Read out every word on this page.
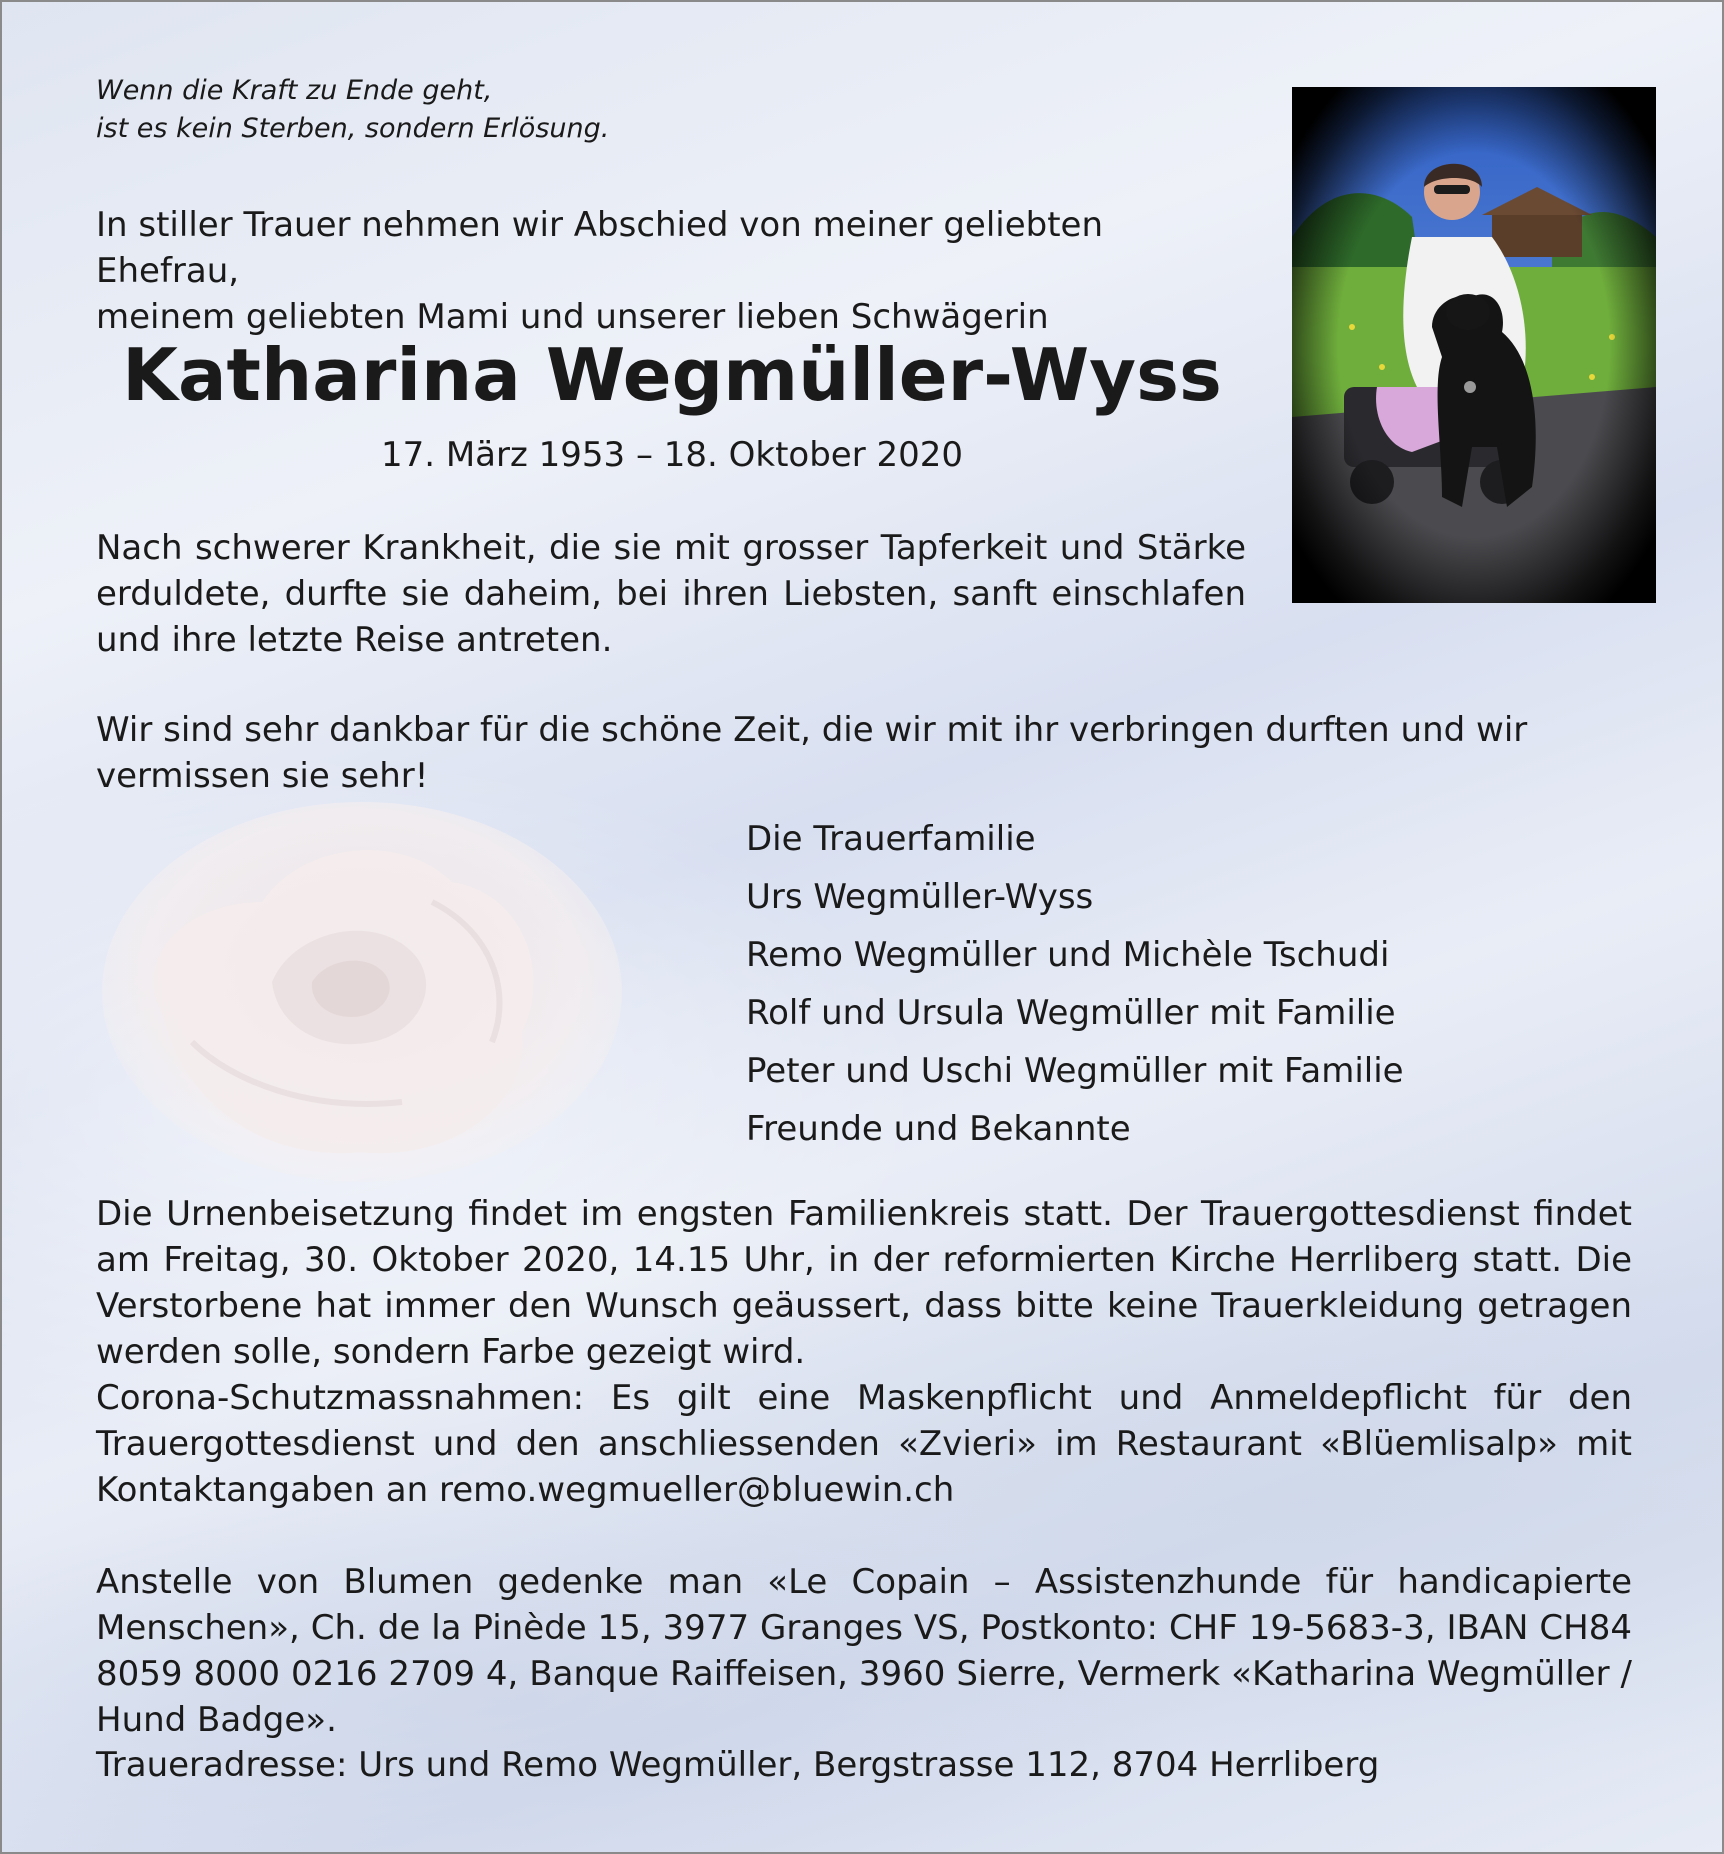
Wenn die Kraft zu Ende geht,
ist es kein Sterben, sondern Erlösung.

In stiller Trauer nehmen wir Abschied von meiner geliebten Ehefrau,
meinem geliebten Mami und unserer lieben Schwägerin

Katharina Wegmüller-Wyss

17. März 1953 – 18. Oktober 2020

Nach schwerer Krankheit, die sie mit grosser Tapferkeit und Stärke erduldete, durfte sie daheim, bei ihren Liebsten, sanft einschlafen und ihre letzte Reise antreten.

Wir sind sehr dankbar für die schöne Zeit, die wir mit ihr verbringen durften und wir vermissen sie sehr!

Die Trauerfamilie
Urs Wegmüller-Wyss
Remo Wegmüller und Michèle Tschudi
Rolf und Ursula Wegmüller mit Familie
Peter und Uschi Wegmüller mit Familie
Freunde und Bekannte
Die Urnenbeisetzung findet im engsten Familienkreis statt. Der Trauergottesdienst findet am Freitag, 30. Oktober 2020, 14.15 Uhr, in der reformierten Kirche Herrliberg statt. Die Verstorbene hat immer den Wunsch geäussert, dass bitte keine Trauerkleidung getragen werden solle, sondern Farbe gezeigt wird.
Corona-Schutzmassnahmen: Es gilt eine Maskenpflicht und Anmeldepflicht für den Trauergottesdienst und den anschliessenden «Zvieri» im Restaurant «Blüemlisalp» mit Kontaktangaben an remo.wegmueller@bluewin.ch

Anstelle von Blumen gedenke man «Le Copain – Assistenzhunde für handicapierte Menschen», Ch. de la Pinède 15, 3977 Granges VS, Postkonto: CHF 19-5683-3, IBAN CH84 8059 8000 0216 2709 4, Banque Raiffeisen, 3960 Sierre, Vermerk «Katharina Wegmüller / Hund Badge».

Traueradresse: Urs und Remo Wegmüller, Bergstrasse 112, 8704 Herrliberg
